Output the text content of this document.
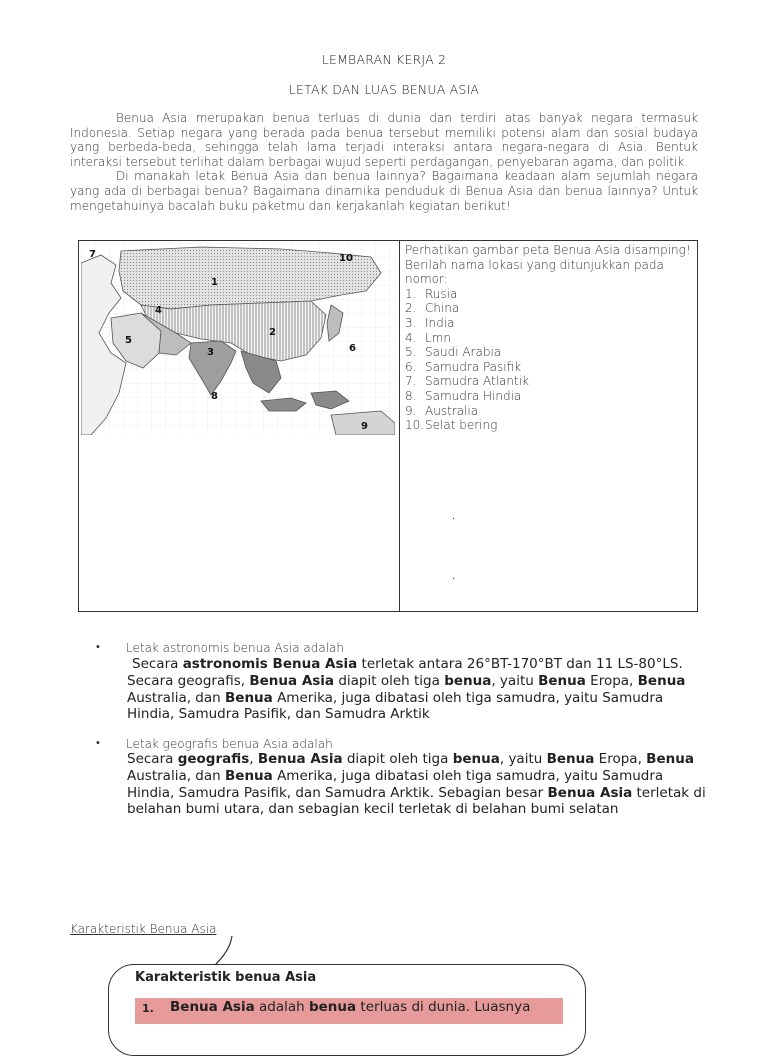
LEMBARAN KERJA 2
LETAK DAN LUAS BENUA ASIA

Benua Asia merupakan benua terluas di dunia dan terdiri atas banyak negara termasuk Indonesia. Setiap negara yang berada pada benua tersebut memiliki potensi alam dan sosial budaya yang berbeda-beda, sehingga telah lama terjadi interaksi antara negara-negara di Asia. Bentuk interaksi tersebut terlihat dalam berbagai wujud seperti perdagangan, penyebaran agama, dan politik.

Di manakah letak Benua Asia dan benua lainnya? Bagaimana keadaan alam sejumlah negara yang ada di berbagai benua? Bagaimana dinamika penduduk di Benua Asia dan benua lainnya? Untuk mengetahuinya bacalah buku paketmu dan kerjakanlah kegiatan berikut!

7	10
1
2
6
4
3
5
8
9
Perhatikan gambar peta Benua Asia disamping!
Berilah nama lokasi yang ditunjukkan pada nomor:
1. Rusia
2. China
3. India
4. Lmn
5. Saudi Arabia
6. Samudra Pasifik
7. Samudra Atlantik
8. Samudra Hindia
9. Australia
10. Selat bering
.
.
• Letak astronomis benua Asia adalah
Secara astronomis Benua Asia terletak antara 26°BT-170°BT dan 11 LS-80°LS. Secara geografis, Benua Asia diapit oleh tiga benua, yaitu Benua Eropa, Benua Australia, dan Benua Amerika, juga dibatasi oleh tiga samudra, yaitu Samudra Hindia, Samudra Pasifik, dan Samudra Arktik
• Letak geografis benua Asia adalah
Secara geografis, Benua Asia diapit oleh tiga benua, yaitu Benua Eropa, Benua Australia, dan Benua Amerika, juga dibatasi oleh tiga samudra, yaitu Samudra Hindia, Samudra Pasifik, dan Samudra Arktik. Sebagian besar Benua Asia terletak di belahan bumi utara, dan sebagian kecil terletak di belahan bumi selatan
Karakteristik Benua Asia
Karakteristik benua Asia
1. Benua Asia adalah benua terluas di dunia. Luasnya
